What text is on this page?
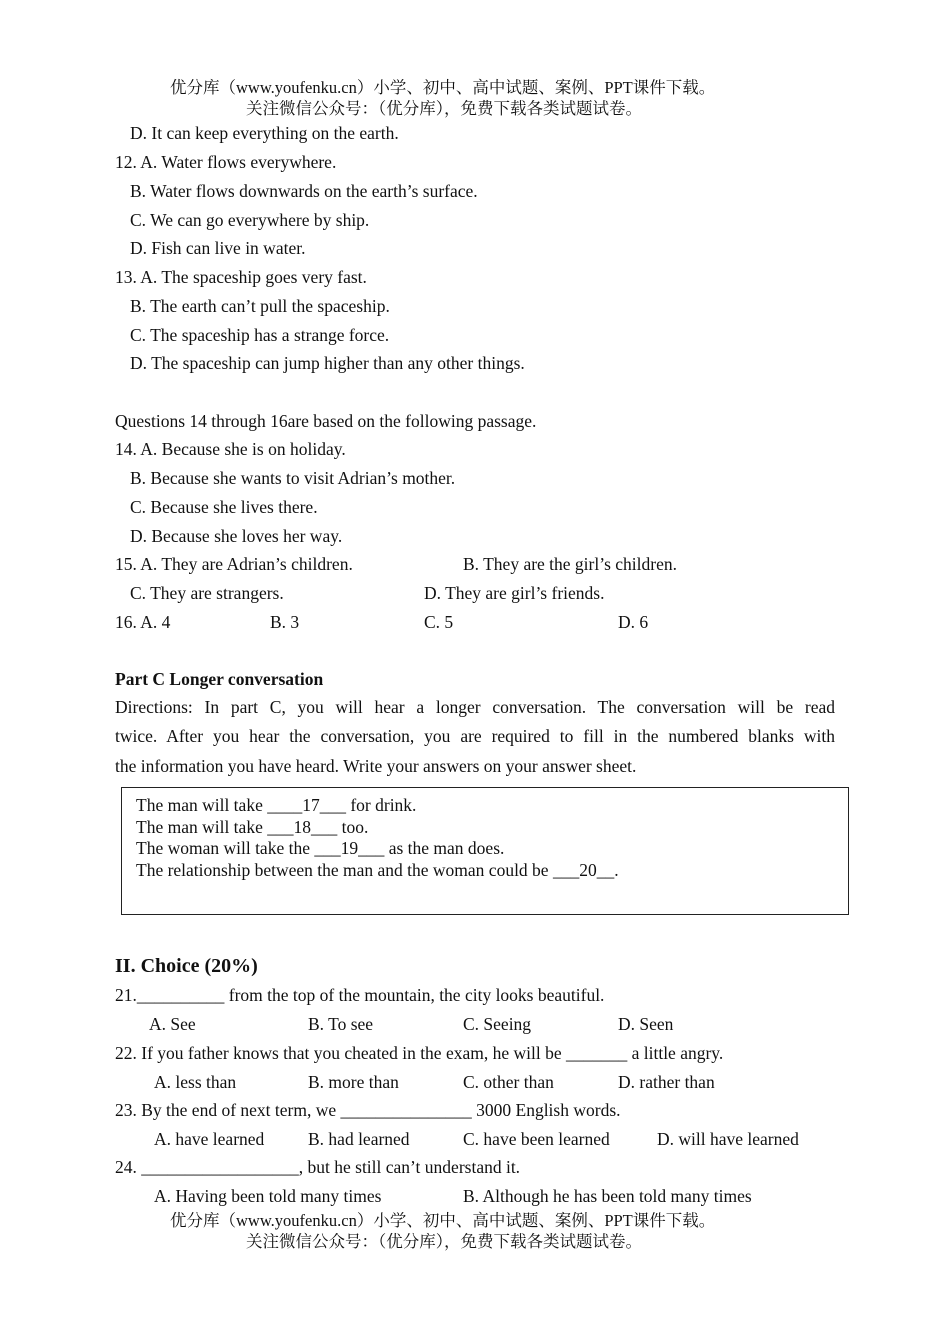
优分库（www.youfenku.cn）小学、初中、高中试题、案例、PPT课件下载。
关注微信公众号：（优分库），免费下载各类试题试卷。
D. It can keep everything on the earth.
12. A. Water flows everywhere.
B. Water flows downwards on the earth’s surface.
C. We can go everywhere by ship.
D. Fish can live in water.
13. A. The spaceship goes very fast.
B. The earth can’t pull the spaceship.
C. The spaceship has a strange force.
D. The spaceship can jump higher than any other things.
Questions 14 through 16are based on the following passage.
14. A. Because she is on holiday.
B. Because she wants to visit Adrian’s mother.
C. Because she lives there.
D. Because she loves her way.
15. A. They are Adrian’s children.	B. They are the girl’s children.
C. They are strangers.	D. They are girl’s friends.
16. A. 4	B. 3	C. 5	D. 6
Part C Longer conversation
Directions: In part C, you will hear a longer conversation. The conversation will be read
twice. After you hear the conversation, you are required to fill in the numbered blanks with
the information you have heard. Write your answers on your answer sheet.
The man will take ____17___ for drink.
The man will take ___18___ too.
The woman will take the ___19___ as the man does.
The relationship between the man and the woman could be ___20__.
II. Choice (20%)
21.__________ from the top of the mountain, the city looks beautiful.
A. See	B. To see	C. Seeing	D. Seen
22. If you father knows that you cheated in the exam, he will be _______ a little angry.
A. less than	B. more than	C. other than	D. rather than
23. By the end of next term, we _______________ 3000 English words.
A. have learned B. had learned	C. have been learned	D. will have learned
24. __________________, but he still can’t understand it.
A. Having been told many times	B. Although he has been told many times
优分库（www.youfenku.cn）小学、初中、高中试题、案例、PPT课件下载。
关注微信公众号：（优分库），免费下载各类试题试卷。
